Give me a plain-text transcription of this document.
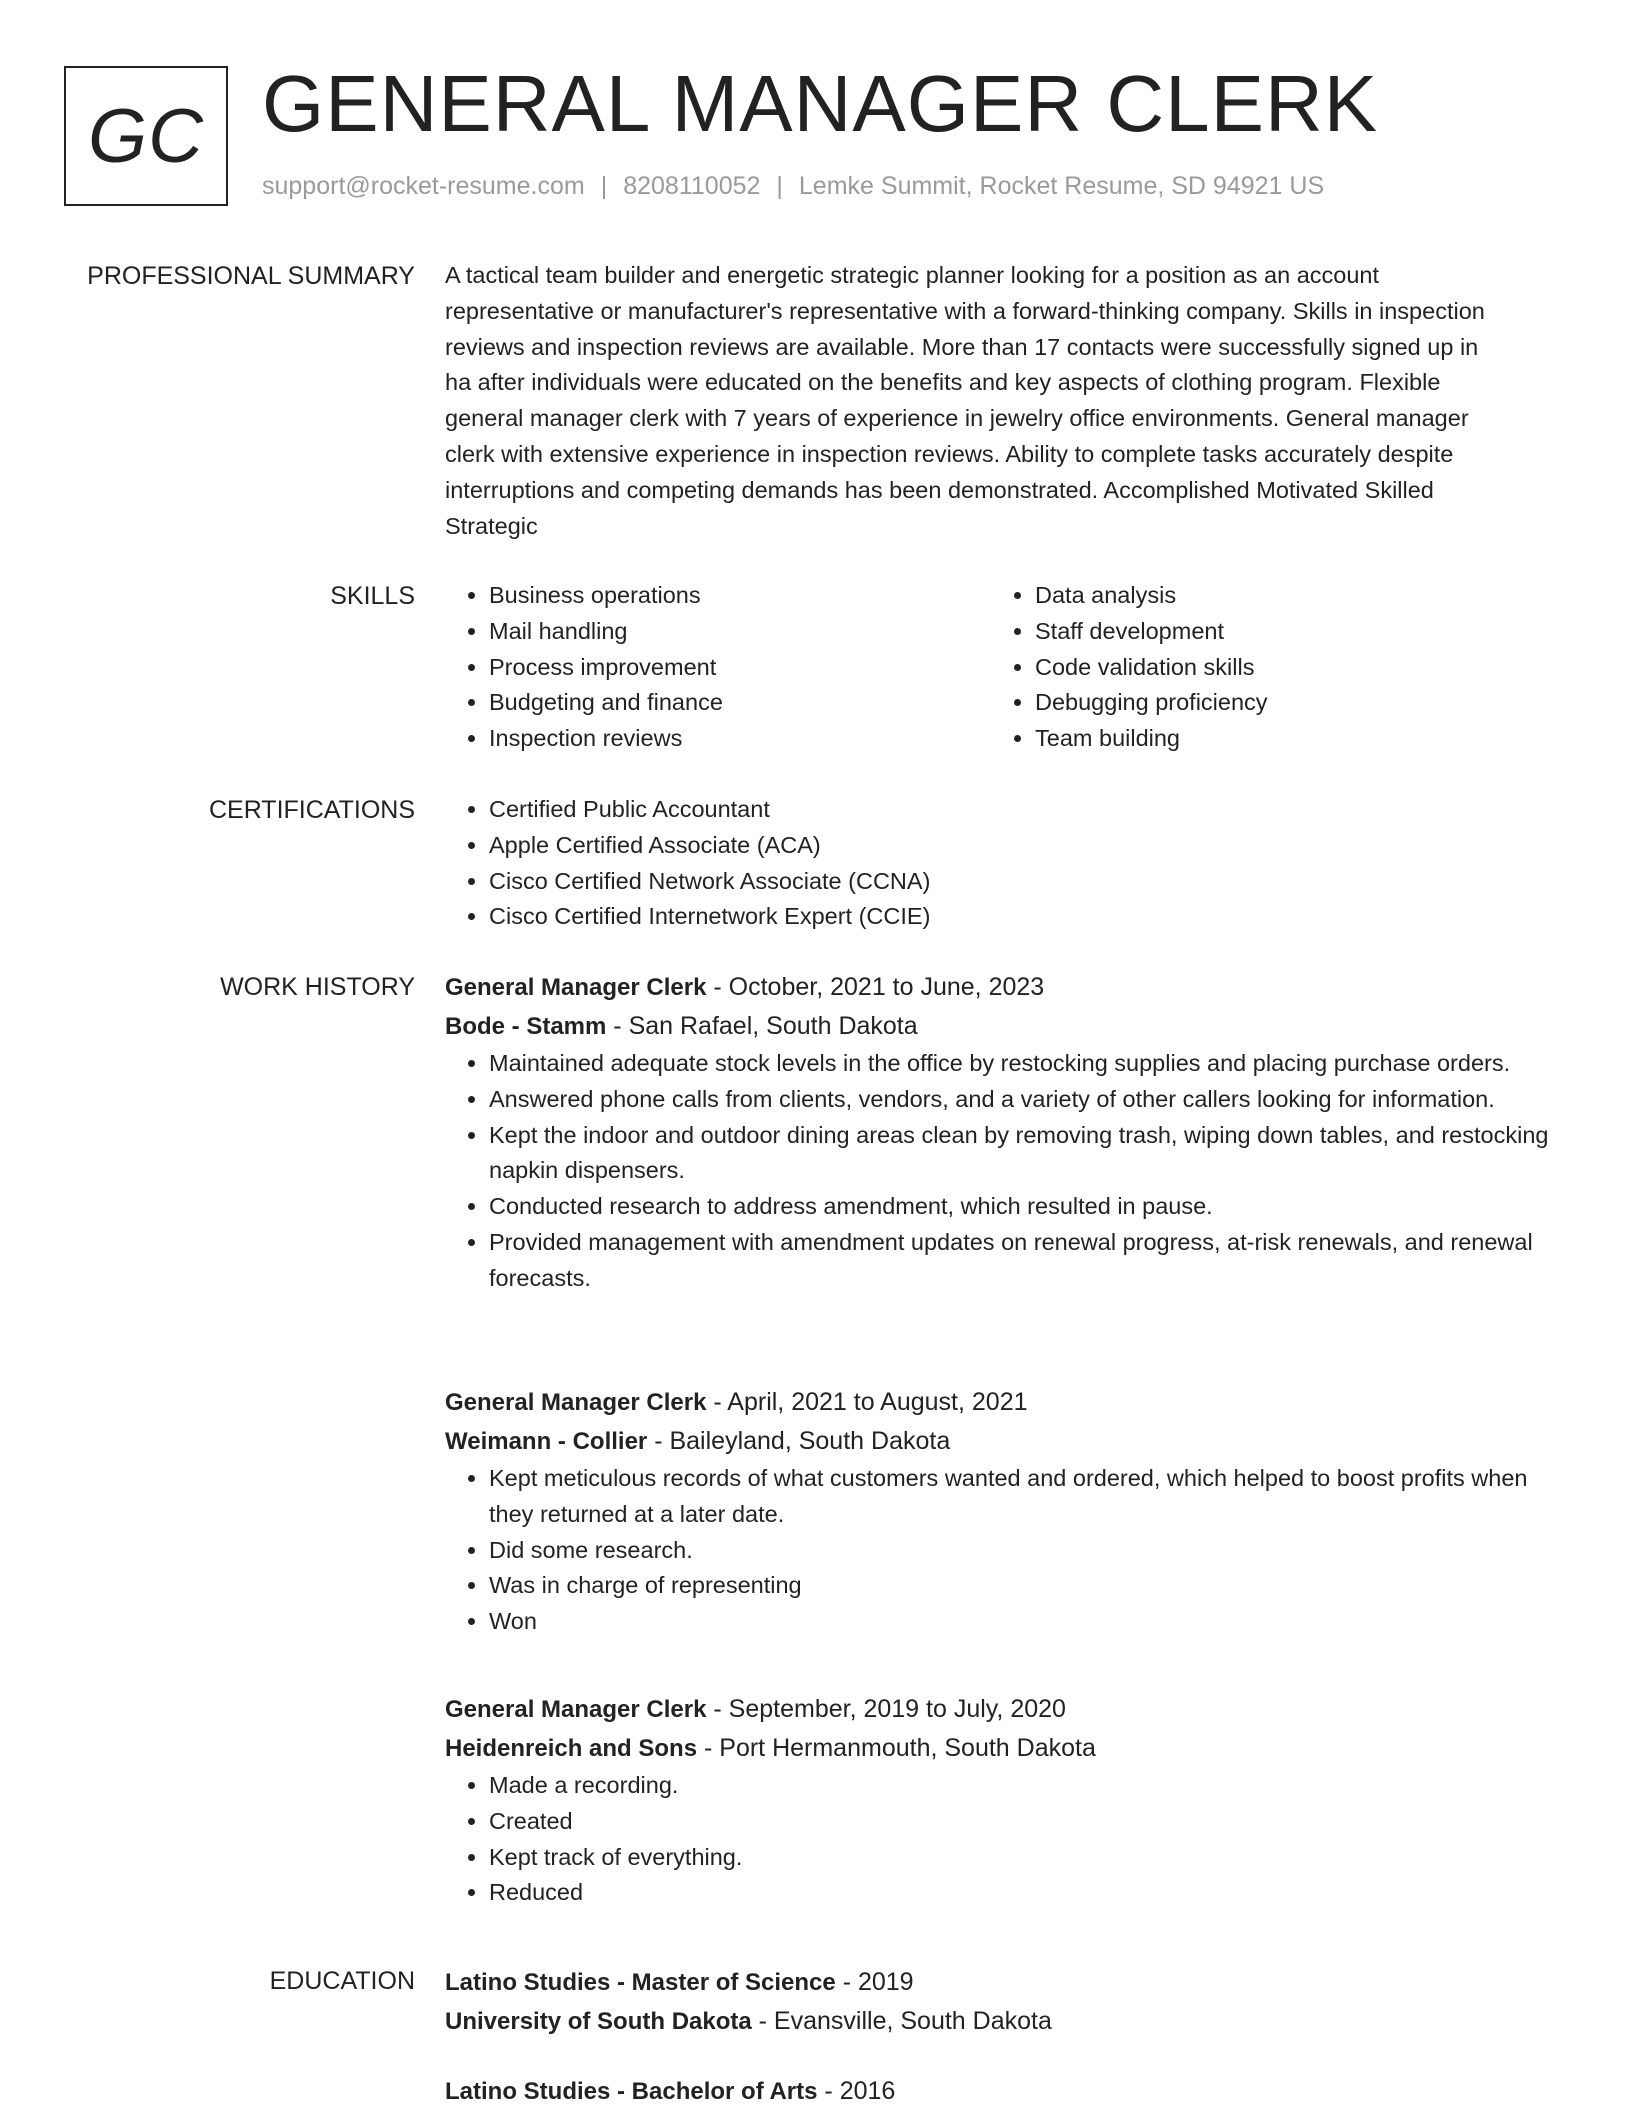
GC GENERAL MANAGER CLERK
support@rocket-resume.com | 8208110052 | Lemke Summit, Rocket Resume, SD 94921 US
PROFESSIONAL SUMMARY A tactical team builder and energetic strategic planner looking for a position as an account
representative or manufacturer's representative with a forward-thinking company. Skills in inspection
reviews and inspection reviews are available. More than 17 contacts were successfully signed up in
ha after individuals were educated on the benefits and key aspects of clothing program. Flexible
general manager clerk with 7 years of experience in jewelry office environments. General manager
clerk with extensive experience in inspection reviews. Ability to complete tasks accurately despite
interruptions and competing demands has been demonstrated. Accomplished Motivated Skilled
Strategic
SKILLS	• Business operations
• Mail handling
• Process improvement
• Budgeting and finance
• Inspection reviews
• Data analysis
• Staff development
• Code validation skills
• Debugging proficiency
• Team building
CERTIFICATIONS	• Certified Public Accountant
• Apple Certified Associate (ACA)
• Cisco Certified Network Associate (CCNA)
• Cisco Certified Internetwork Expert (CCIE)
WORK HISTORY General Manager Clerk - October, 2021 to June, 2023
Bode - Stamm - San Rafael, South Dakota
• Maintained adequate stock levels in the office by restocking supplies and placing purchase orders.
• Answered phone calls from clients, vendors, and a variety of other callers looking for information.
• Kept the indoor and outdoor dining areas clean by removing trash, wiping down tables, and restocking napkin dispensers.
• Conducted research to address amendment, which resulted in pause.
• Provided management with amendment updates on renewal progress, at-risk renewals, and renewal forecasts.
General Manager Clerk - April, 2021 to August, 2021
Weimann - Collier - Baileyland, South Dakota
• Kept meticulous records of what customers wanted and ordered, which helped to boost profits when they returned at a later date.
• Did some research.
• Was in charge of representing
• Won
General Manager Clerk - September, 2019 to July, 2020
Heidenreich and Sons - Port Hermanmouth, South Dakota
• Made a recording.
• Created
• Kept track of everything.
• Reduced
EDUCATION Latino Studies - Master of Science - 2019
University of South Dakota - Evansville, South Dakota
Latino Studies - Bachelor of Arts - 2016
